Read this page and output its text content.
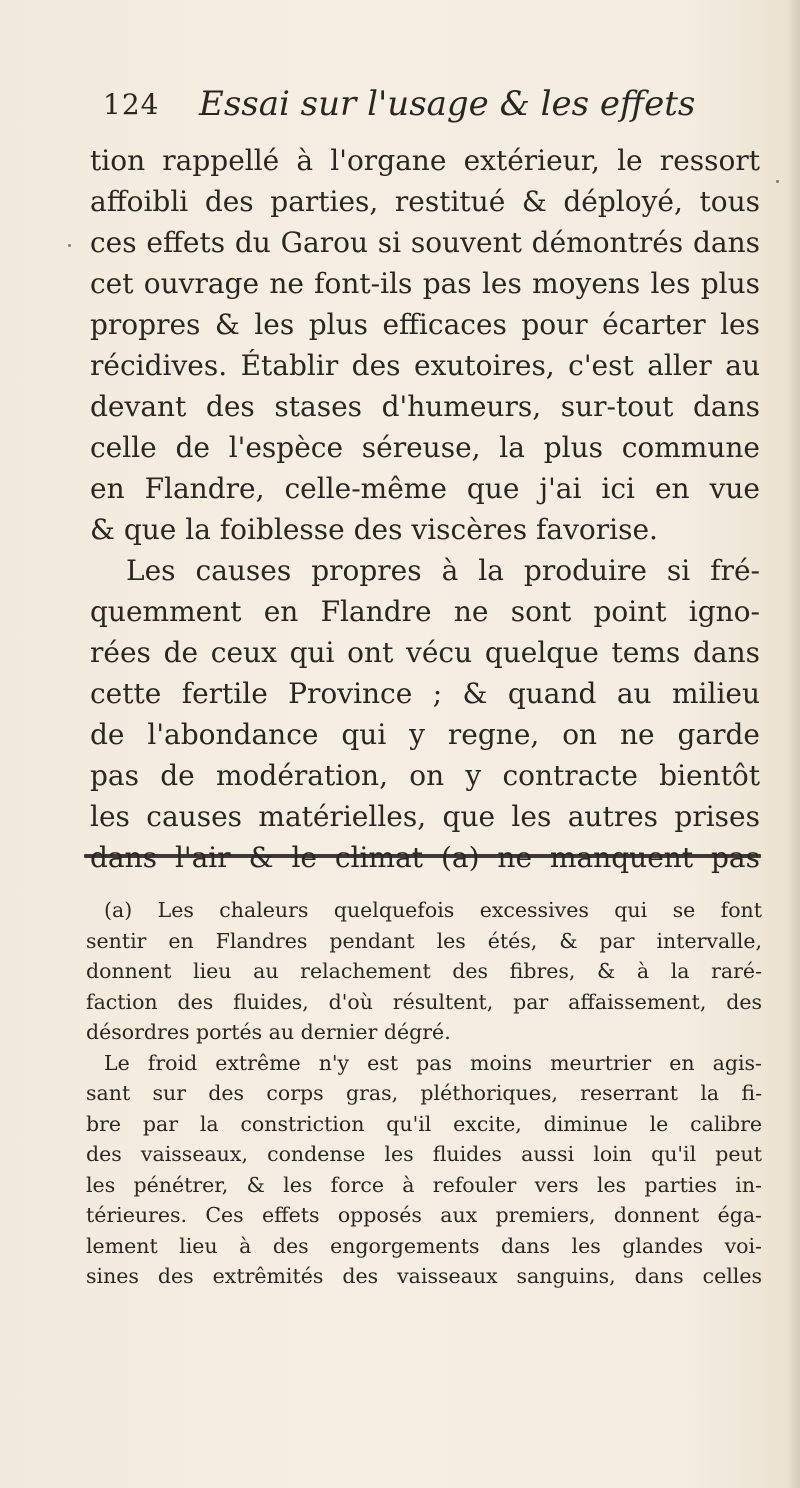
124 Essai sur l'usage & les effets
tion rappellé à l'organe extérieur, le ressort
affoibli des parties, restitué & déployé, tous
ces effets du Garou si souvent démontrés dans
cet ouvrage ne font-ils pas les moyens les plus
propres & les plus efficaces pour écarter les
récidives. Établir des exutoires, c'est aller au
devant des stases d'humeurs, sur-tout dans
celle de l'espèce séreuse, la plus commune
en Flandre, celle-même que j'ai ici en vue
& que la foiblesse des viscères favorise.
Les causes propres à la produire si fré-
quemment en Flandre ne sont point igno-
rées de ceux qui ont vécu quelque tems dans
cette fertile Province ; & quand au milieu
de l'abondance qui y regne, on ne garde
pas de modération, on y contracte bientôt
les causes matérielles, que les autres prises
(a) Les chaleurs quelquefois excessives qui se font
sentir en Flandres pendant les étés, & par intervalle,
donnent lieu au relachement des fibres, & à la raré-
faction des fluides, d'où résultent, par affaissement, des
désordres portés au dernier dégré.
Le froid extrême n'y est pas moins meurtrier en agis-
sant sur des corps gras, pléthoriques, reserrant la fi-
bre par la constriction qu'il excite, diminue le calibre
des vaisseaux, condense les fluides aussi loin qu'il peut
les pénétrer, & les force à refouler vers les parties in-
térieures. Ces effets opposés aux premiers, donnent éga-
lement lieu à des engorgements dans les glandes voi-
sines des extrêmités des vaisseaux sanguins, dans celles
